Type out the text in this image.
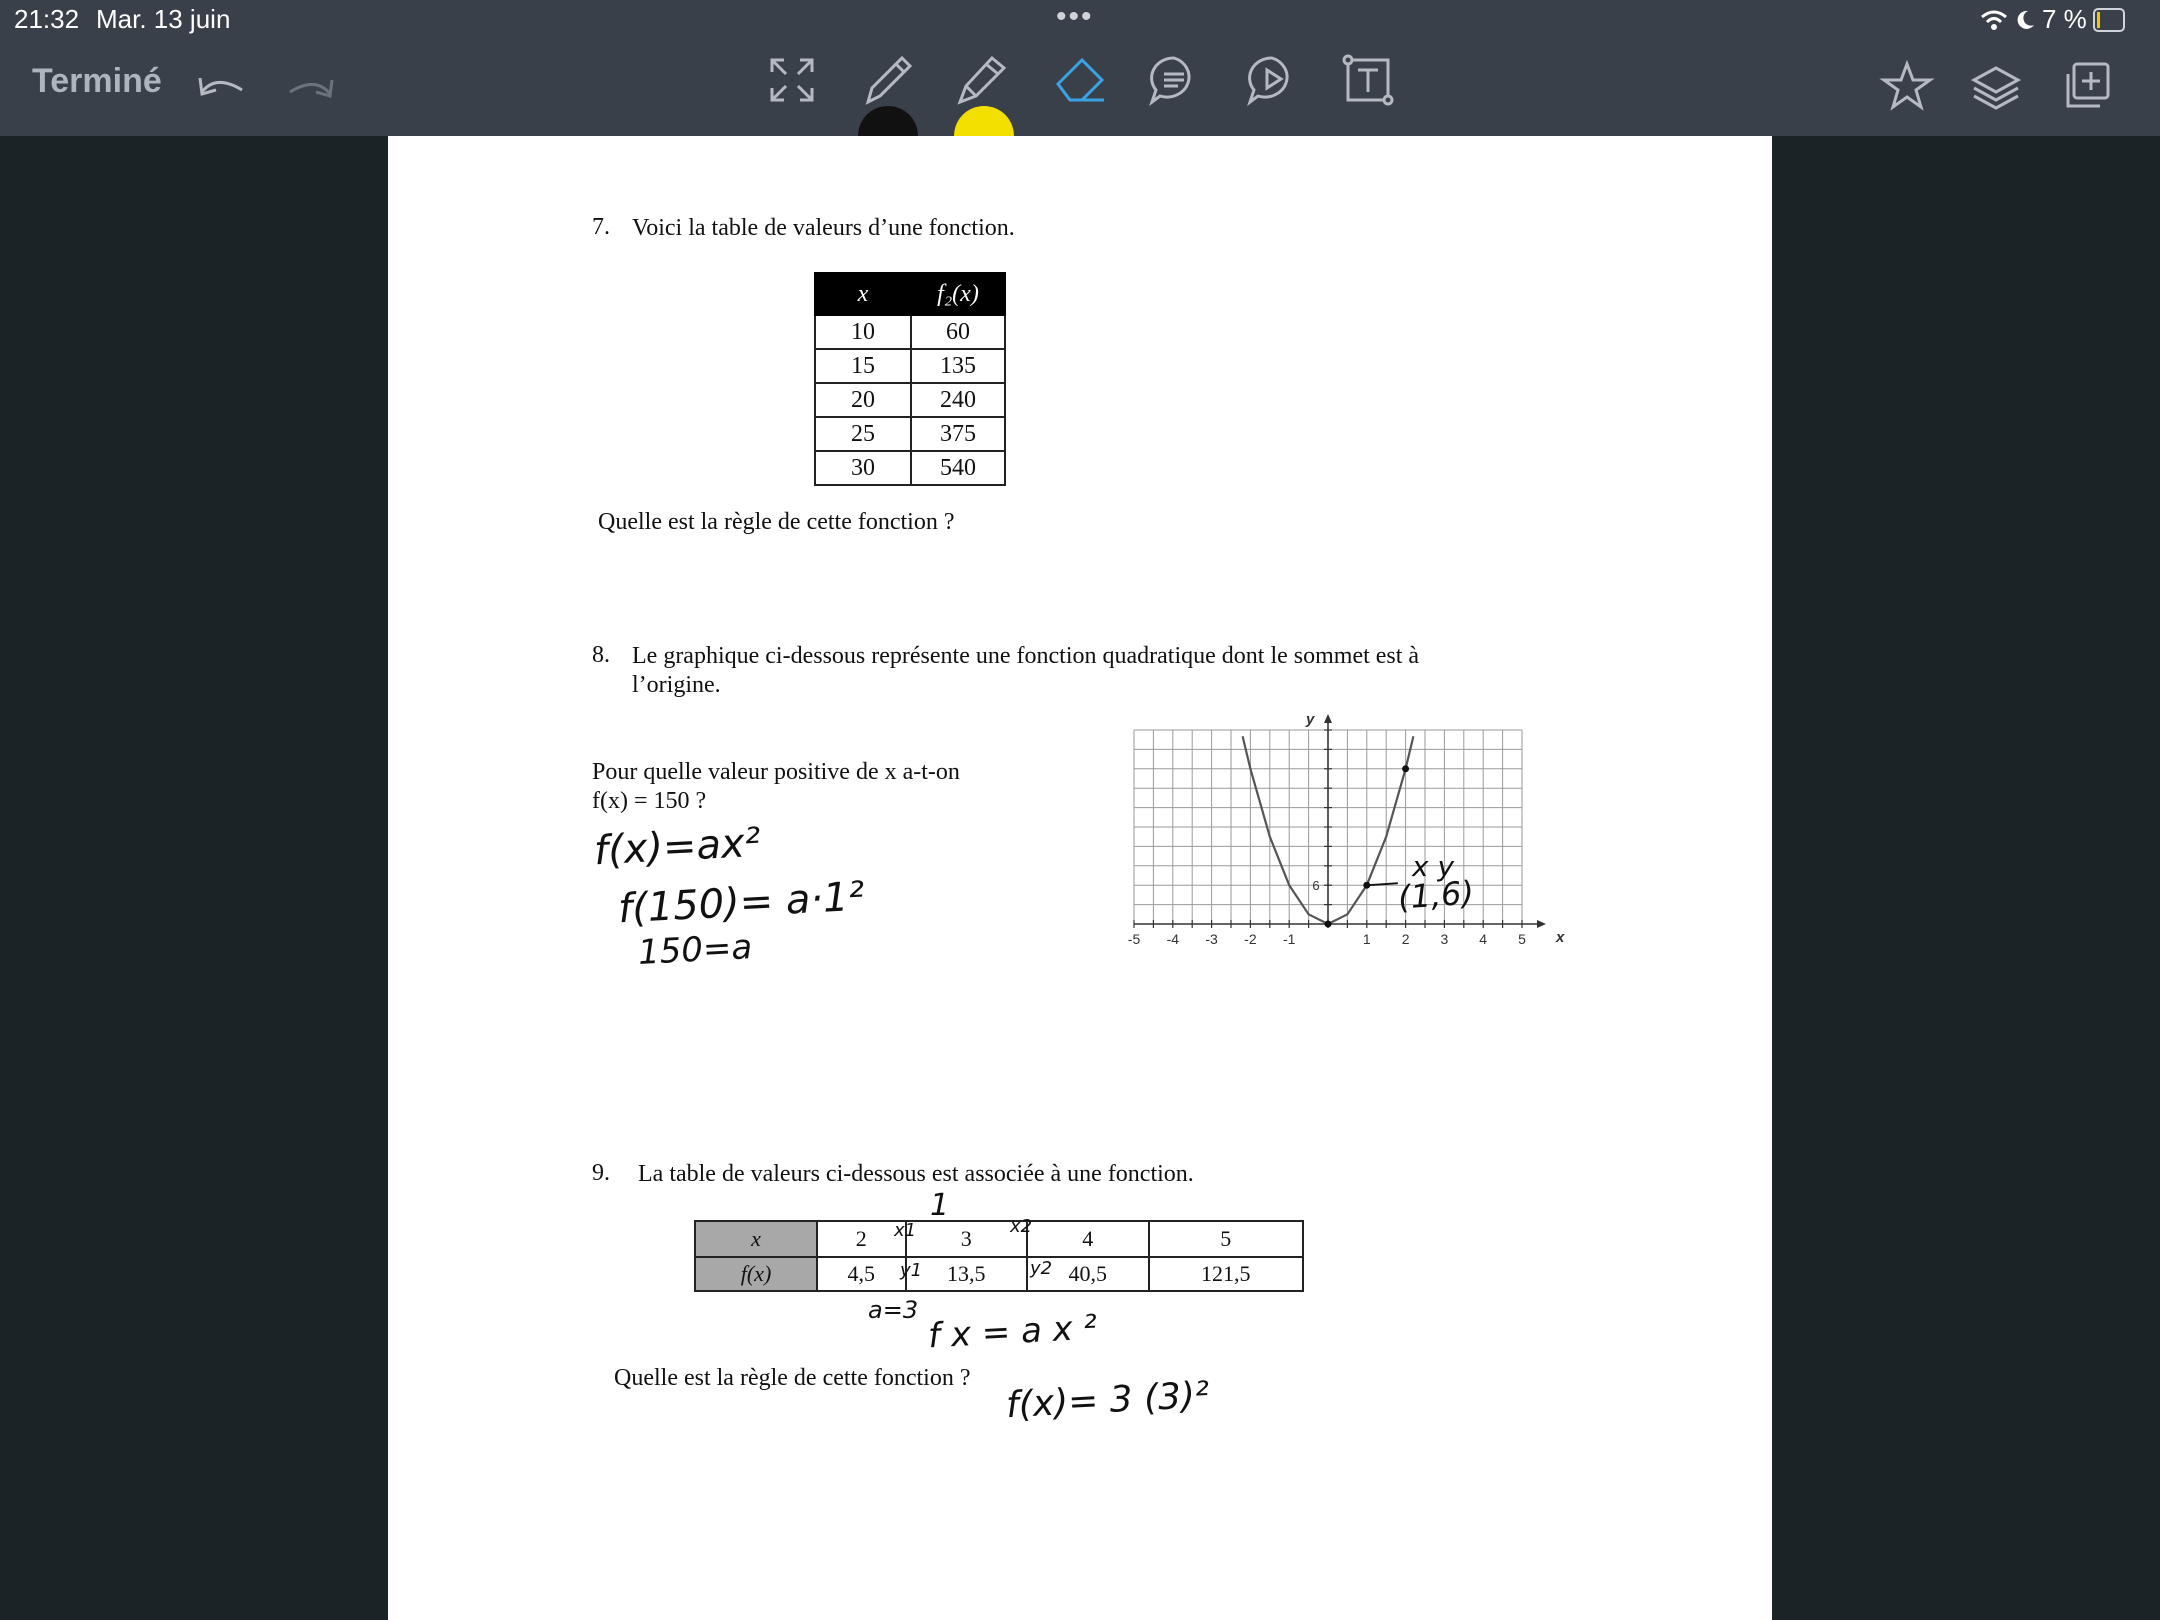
21:32 Mar. 13 juin	•••	7 %
Terminé
7. Voici la table de valeurs d’une fonction.
x	f₂(x)
10	60
15	135
20	240
25	375
30	540
Quelle est la règle de cette fonction ?
8. Le graphique ci-dessous représente une fonction quadratique dont le sommet est à
l’origine.
Pour quelle valeur positive de x a-t-on
f(x) = 150 ?
f(x)=ax²
f(150)= a·1²
150=a	-5 -4 -3 -2 -1	1 2 3 4 5
6
x
y
x y
(1,6)
9. La table de valeurs ci-dessous est associée à une fonction.
x	2	3	4	5
f(x)	4,5	13,5	40,5	121,5
1
x1	x2
y1	y2
a=3 f x = a x ²
Quelle est la règle de cette fonction ? f(x)= 3 (3)²
